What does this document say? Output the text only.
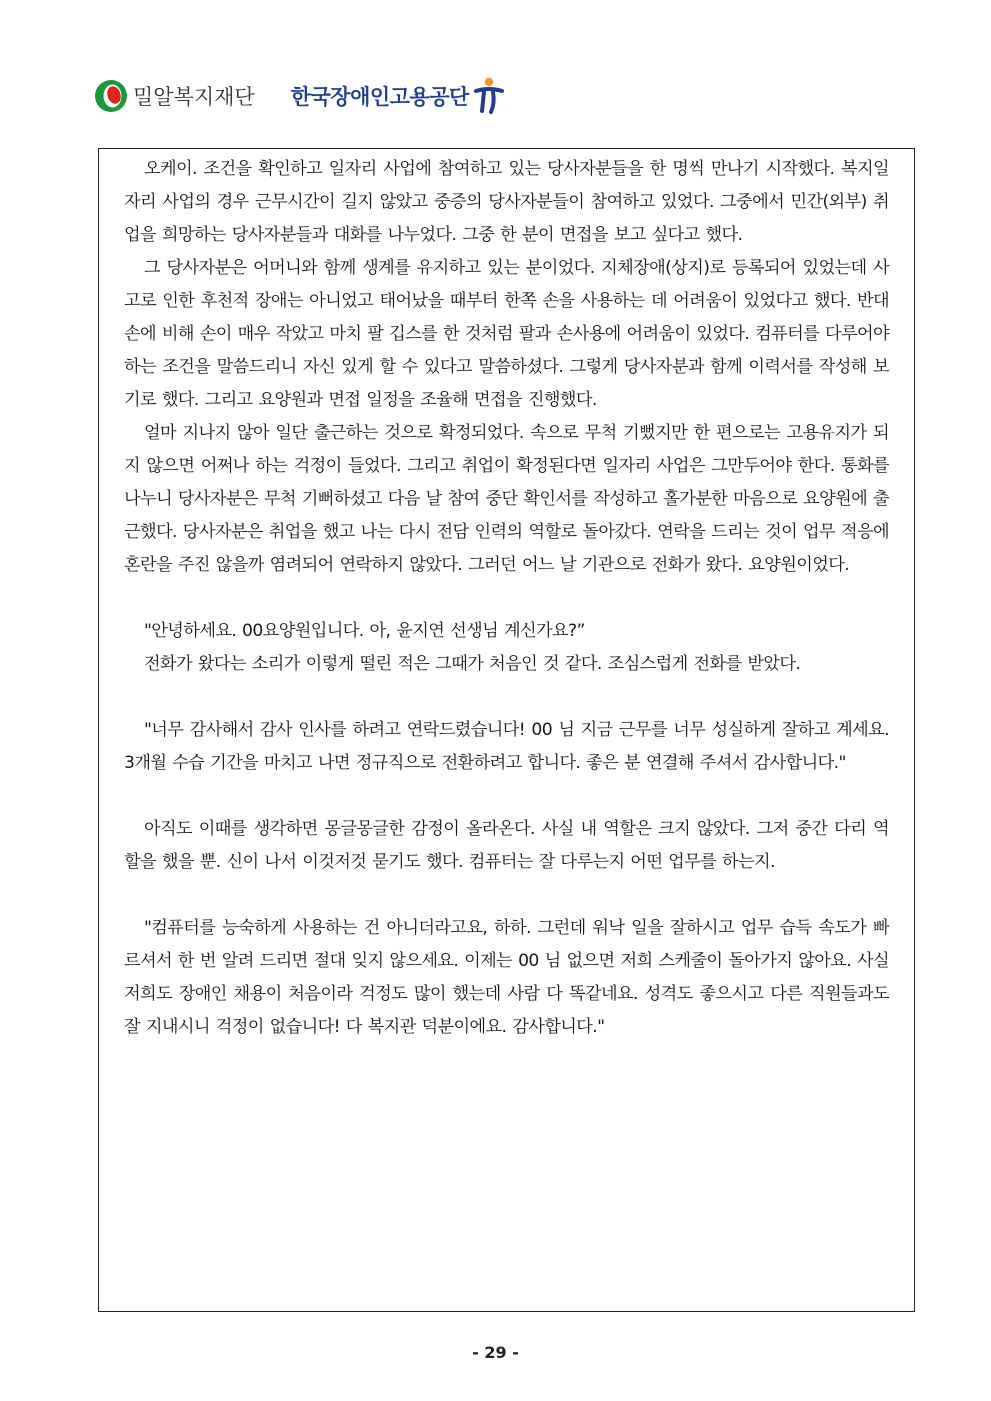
밀알복지재단 한국장애인고용공단

오케이. 조건을 확인하고 일자리 사업에 참여하고 있는 당사자분들을 한 명씩 만나기 시작했다. 복지일자리 사업의 경우 근무시간이 길지 않았고 중증의 당사자분들이 참여하고 있었다. 그중에서 민간(외부) 취업을 희망하는 당사자분들과 대화를 나누었다. 그중 한 분이 면접을 보고 싶다고 했다.

그 당사자분은 어머니와 함께 생계를 유지하고 있는 분이었다. 지체장애(상지)로 등록되어 있었는데 사고로 인한 후천적 장애는 아니었고 태어났을 때부터 한쪽 손을 사용하는 데 어려움이 있었다고 했다. 반대 손에 비해 손이 매우 작았고 마치 팔 깁스를 한 것처럼 팔과 손사용에 어려움이 있었다. 컴퓨터를 다루어야 하는 조건을 말씀드리니 자신 있게 할 수 있다고 말씀하셨다. 그렇게 당사자분과 함께 이력서를 작성해 보기로 했다. 그리고 요양원과 면접 일정을 조율해 면접을 진행했다.

얼마 지나지 않아 일단 출근하는 것으로 확정되었다. 속으로 무척 기뻤지만 한 편으로는 고용유지가 되지 않으면 어쩌나 하는 걱정이 들었다. 그리고 취업이 확정된다면 일자리 사업은 그만두어야 한다. 통화를 나누니 당사자분은 무척 기뻐하셨고 다음 날 참여 중단 확인서를 작성하고 홀가분한 마음으로 요양원에 출근했다. 당사자분은 취업을 했고 나는 다시 전담 인력의 역할로 돌아갔다. 연락을 드리는 것이 업무 적응에 혼란을 주진 않을까 염려되어 연락하지 않았다. 그러던 어느 날 기관으로 전화가 왔다. 요양원이었다.

"안녕하세요. 00요양원입니다. 아, 윤지연 선생님 계신가요?”

전화가 왔다는 소리가 이렇게 떨린 적은 그때가 처음인 것 같다. 조심스럽게 전화를 받았다.

"너무 감사해서 감사 인사를 하려고 연락드렸습니다! 00 님 지금 근무를 너무 성실하게 잘하고 계세요. 3개월 수습 기간을 마치고 나면 정규직으로 전환하려고 합니다. 좋은 분 연결해 주셔서 감사합니다."

아직도 이때를 생각하면 몽글몽글한 감정이 올라온다. 사실 내 역할은 크지 않았다. 그저 중간 다리 역할을 했을 뿐. 신이 나서 이것저것 묻기도 했다. 컴퓨터는 잘 다루는지 어떤 업무를 하는지.

"컴퓨터를 능숙하게 사용하는 건 아니더라고요, 하하. 그런데 워낙 일을 잘하시고 업무 습득 속도가 빠르셔서 한 번 알려 드리면 절대 잊지 않으세요. 이제는 00 님 없으면 저희 스케줄이 돌아가지 않아요. 사실 저희도 장애인 채용이 처음이라 걱정도 많이 했는데 사람 다 똑같네요. 성격도 좋으시고 다른 직원들과도 잘 지내시니 걱정이 없습니다! 다 복지관 덕분이에요. 감사합니다."

- 29 -
